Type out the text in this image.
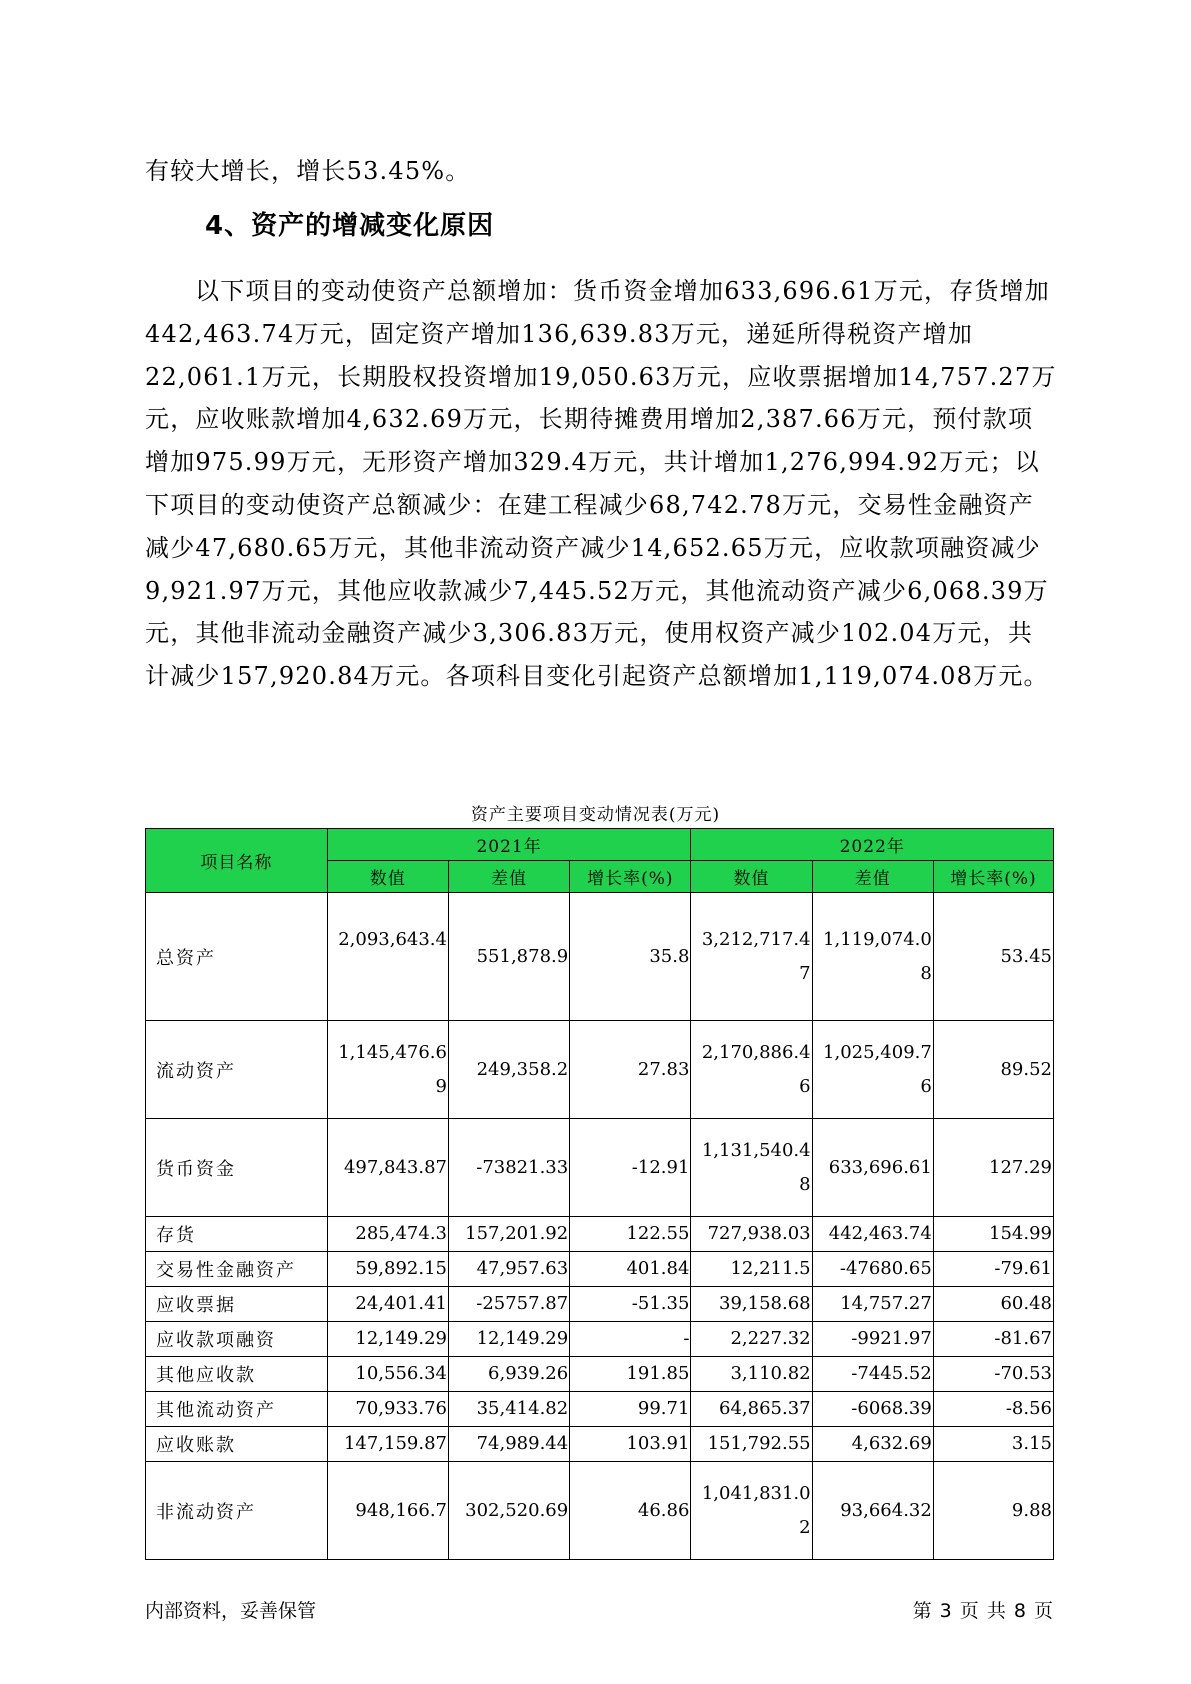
有较大增长，增长53.45%。

4、资产的增减变化原因

以下项目的变动使资产总额增加：货币资金增加633,696.61万元，存货增加442,463.74万元，固定资产增加136,639.83万元，递延所得税资产增加22,061.1万元，长期股权投资增加19,050.63万元，应收票据增加14,757.27万元，应收账款增加4,632.69万元，长期待摊费用增加2,387.66万元，预付款项增加975.99万元，无形资产增加329.4万元，共计增加1,276,994.92万元；以下项目的变动使资产总额减少：在建工程减少68,742.78万元，交易性金融资产减少47,680.65万元，其他非流动资产减少14,652.65万元，应收款项融资减少9,921.97万元，其他应收款减少7,445.52万元，其他流动资产减少6,068.39万元，其他非流动金融资产减少3,306.83万元，使用权资产减少102.04万元，共计减少157,920.84万元。各项科目变化引起资产总额增加1,119,074.08万元。

资产主要项目变动情况表(万元)
项目名称	2021年			2022年		
	数值	差值	增长率(%)	数值	差值	增长率(%)
总资产	2,093,643.4	551,878.9	35.8	3,212,717.47	1,119,074.08	53.45
流动资产	1,145,476.69	249,358.2	27.83	2,170,886.46	1,025,409.76	89.52
货币资金	497,843.87	-73821.33	-12.91	1,131,540.48	633,696.61	127.29
存货	285,474.3	157,201.92	122.55	727,938.03	442,463.74	154.99
交易性金融资产	59,892.15	47,957.63	401.84	12,211.5	-47680.65	-79.61
应收票据	24,401.41	-25757.87	-51.35	39,158.68	14,757.27	60.48
应收款项融资	12,149.29	12,149.29	-	2,227.32	-9921.97	-81.67
其他应收款	10,556.34	6,939.26	191.85	3,110.82	-7445.52	-70.53
其他流动资产	70,933.76	35,414.82	99.71	64,865.37	-6068.39	-8.56
应收账款	147,159.87	74,989.44	103.91	151,792.55	4,632.69	3.15
非流动资产	948,166.7	302,520.69	46.86	1,041,831.02	93,664.32	9.88
内部资料，妥善保管	第 3 页 共 8 页
